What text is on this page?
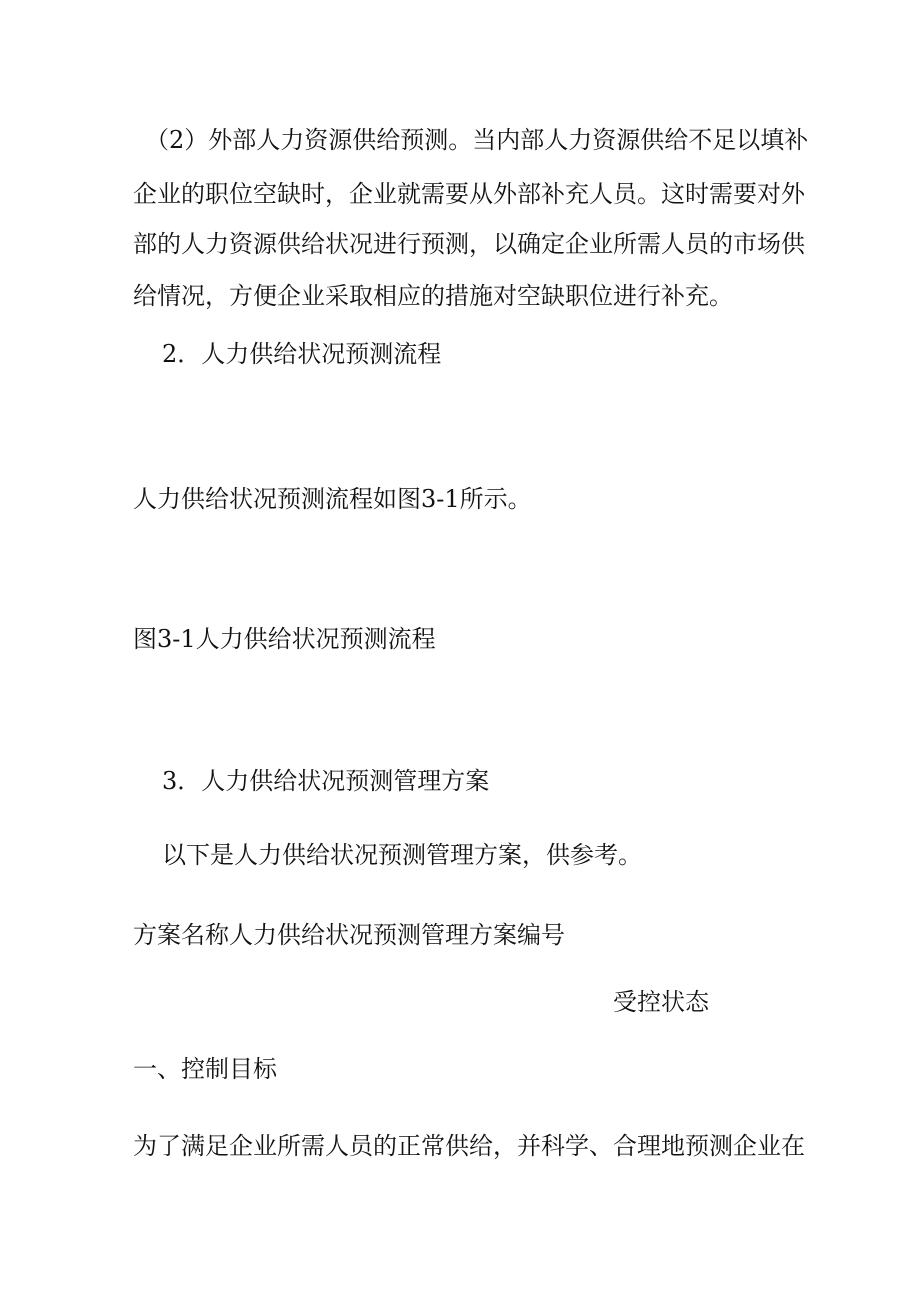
（2）外部人力资源供给预测。当内部人力资源供给不足以填补

企业的职位空缺时，企业就需要从外部补充人员。这时需要对外

部的人力资源供给状况进行预测，以确定企业所需人员的市场供

给情况，方便企业采取相应的措施对空缺职位进行补充。

2．人力供给状况预测流程

人力供给状况预测流程如图3-1所示。

图3-1人力供给状况预测流程

3．人力供给状况预测管理方案

以下是人力供给状况预测管理方案，供参考。

方案名称人力供给状况预测管理方案编号

受控状态

一、控制目标

为了满足企业所需人员的正常供给，并科学、合理地预测企业在
